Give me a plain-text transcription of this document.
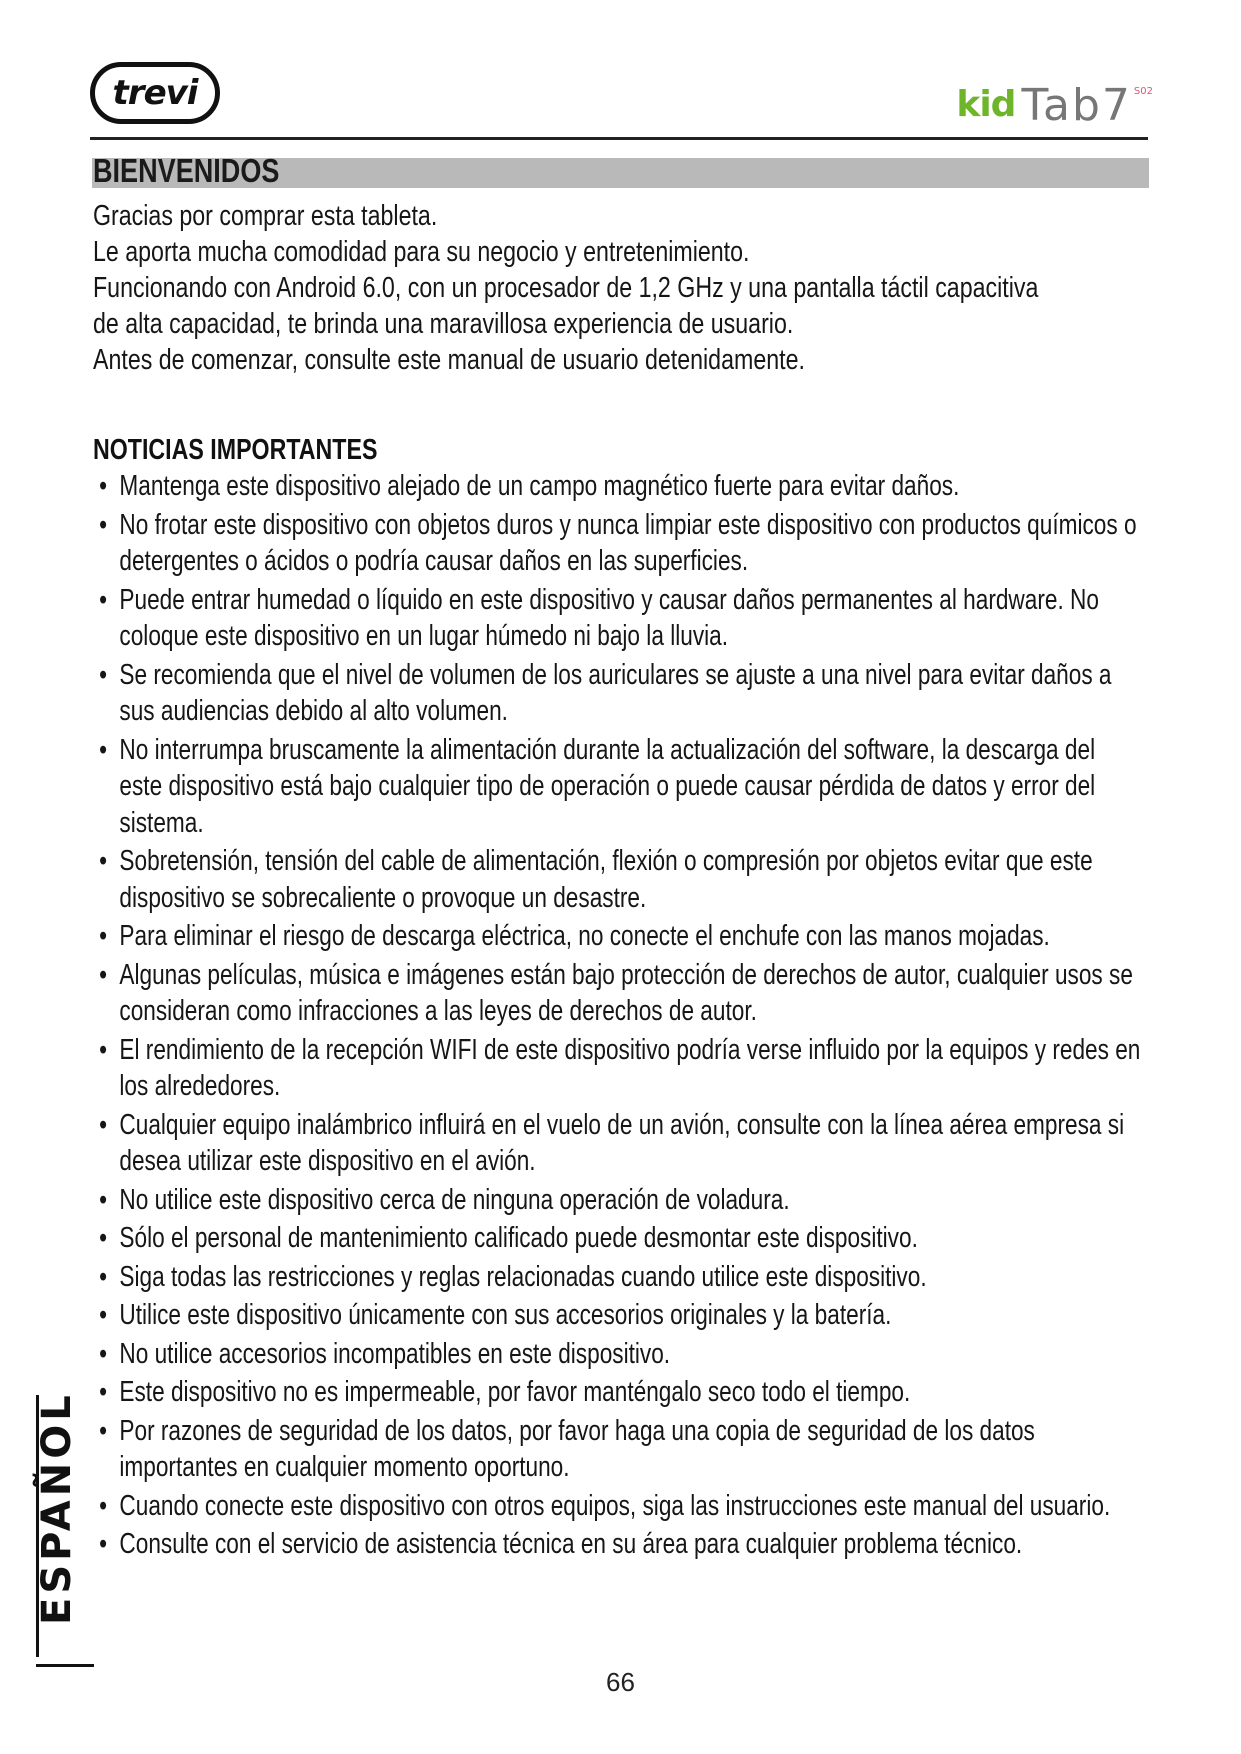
trevi	kid Tab7 S02
BIENVENIDOS
Gracias por comprar esta tableta.
Le aporta mucha comodidad para su negocio y entretenimiento.
Funcionando con Android 6.0, con un procesador de 1,2 GHz y una pantalla táctil capacitiva
de alta capacidad, te brinda una maravillosa experiencia de usuario.
Antes de comenzar, consulte este manual de usuario detenidamente.
NOTICIAS IMPORTANTES
• Mantenga este dispositivo alejado de un campo magnético fuerte para evitar daños.
• No frotar este dispositivo con objetos duros y nunca limpiar este dispositivo con productos químicos o detergentes o ácidos o podría causar daños en las superficies.
• Puede entrar humedad o líquido en este dispositivo y causar daños permanentes al hardware. No coloque este dispositivo en un lugar húmedo ni bajo la lluvia.
• Se recomienda que el nivel de volumen de los auriculares se ajuste a una nivel para evitar daños a sus audiencias debido al alto volumen.
• No interrumpa bruscamente la alimentación durante la actualización del software, la descarga del este dispositivo está bajo cualquier tipo de operación o puede causar pérdida de datos y error del sistema.
• Sobretensión, tensión del cable de alimentación, flexión o compresión por objetos evitar que este dispositivo se sobrecaliente o provoque un desastre.
• Para eliminar el riesgo de descarga eléctrica, no conecte el enchufe con las manos mojadas.
• Algunas películas, música e imágenes están bajo protección de derechos de autor, cualquier usos se consideran como infracciones a las leyes de derechos de autor.
• El rendimiento de la recepción WIFI de este dispositivo podría verse influido por la equipos y redes en los alrededores.
• Cualquier equipo inalámbrico influirá en el vuelo de un avión, consulte con la línea aérea empresa si desea utilizar este dispositivo en el avión.
• No utilice este dispositivo cerca de ninguna operación de voladura.
• Sólo el personal de mantenimiento calificado puede desmontar este dispositivo.
• Siga todas las restricciones y reglas relacionadas cuando utilice este dispositivo.
• Utilice este dispositivo únicamente con sus accesorios originales y la batería.
• No utilice accesorios incompatibles en este dispositivo.
• Este dispositivo no es impermeable, por favor manténgalo seco todo el tiempo.
• Por razones de seguridad de los datos, por favor haga una copia de seguridad de los datos importantes en cualquier momento oportuno.
• Cuando conecte este dispositivo con otros equipos, siga las instrucciones este manual del usuario.
• Consulte con el servicio de asistencia técnica en su área para cualquier problema técnico.
ESPAÑOL
66
